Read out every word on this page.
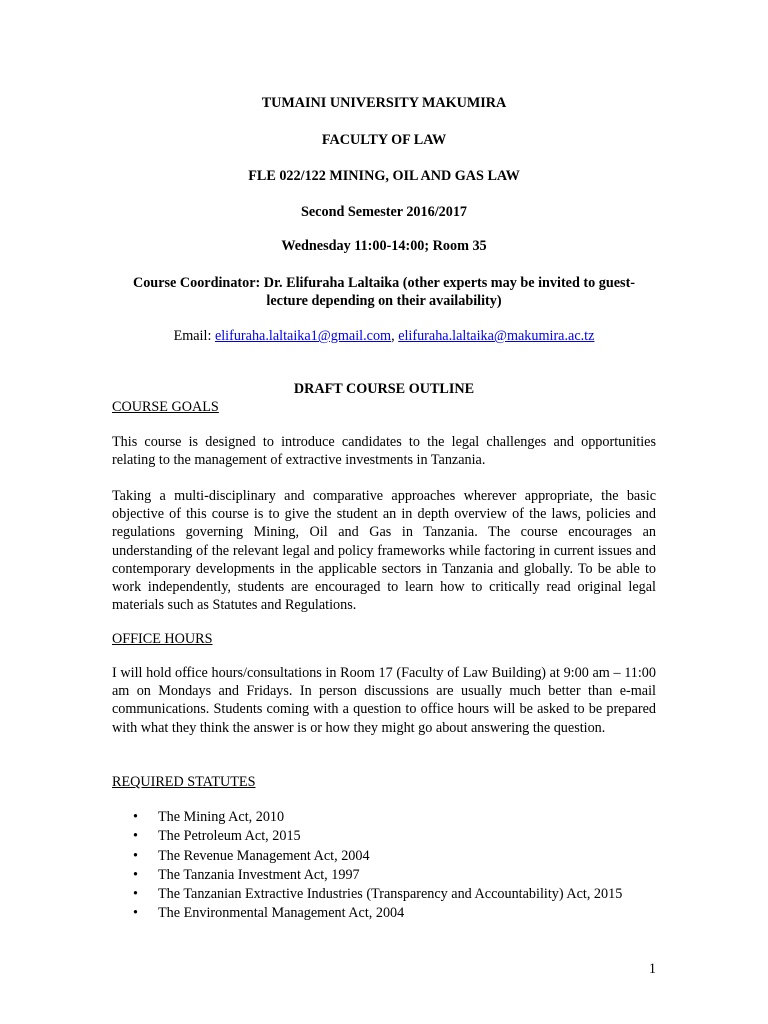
TUMAINI UNIVERSITY MAKUMIRA
FACULTY OF LAW
FLE 022/122 MINING, OIL AND GAS LAW
Second Semester 2016/2017
Wednesday 11:00-14:00; Room 35
Course Coordinator: Dr. Elifuraha Laltaika (other experts may be invited to guest-
lecture depending on their availability)
Email: elifuraha.laltaika1@gmail.com, elifuraha.laltaika@makumira.ac.tz
DRAFT COURSE OUTLINE
COURSE GOALS
This course is designed to introduce candidates to the legal challenges and opportunities relating to the management of extractive investments in Tanzania.
Taking a multi-disciplinary and comparative approaches wherever appropriate, the basic objective of this course is to give the student an in depth overview of the laws, policies and regulations governing Mining, Oil and Gas in Tanzania. The course encourages an understanding of the relevant legal and policy frameworks while factoring in current issues and contemporary developments in the applicable sectors in Tanzania and globally. To be able to work independently, students are encouraged to learn how to critically read original legal materials such as Statutes and Regulations.
OFFICE HOURS
I will hold office hours/consultations in Room 17 (Faculty of Law Building) at 9:00 am – 11:00 am on Mondays and Fridays. In person discussions are usually much better than e-mail communications. Students coming with a question to office hours will be asked to be prepared with what they think the answer is or how they might go about answering the question.
REQUIRED STATUTES
• The Mining Act, 2010
• The Petroleum Act, 2015
• The Revenue Management Act, 2004
• The Tanzania Investment Act, 1997
• The Tanzanian Extractive Industries (Transparency and Accountability) Act, 2015
• The Environmental Management Act, 2004
1
